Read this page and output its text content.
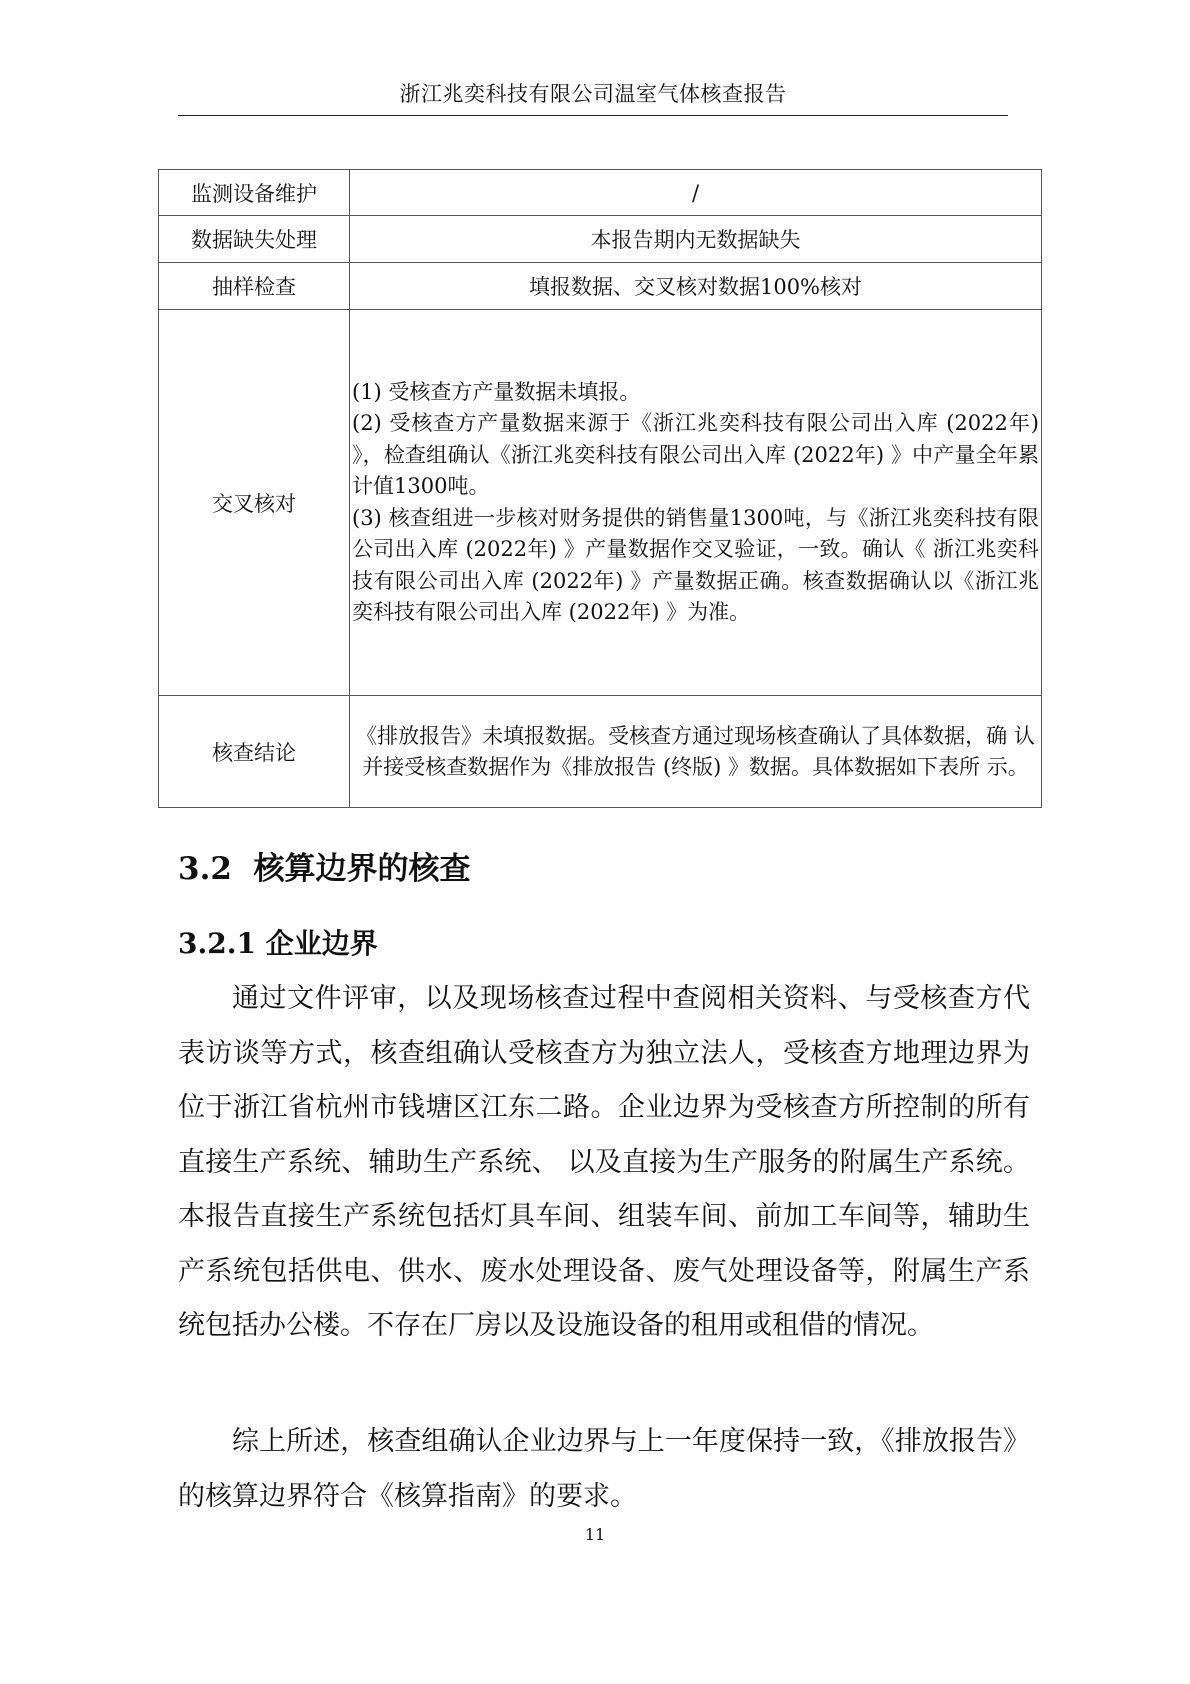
浙江兆奕科技有限公司温室气体核查报告
监测设备维护	/
数据缺失处理	本报告期内无数据缺失
抽样检查	填报数据、交叉核对数据100%核对
交叉核对	(1) 受核查方产量数据未填报。

(2) 受核查方产量数据来源于《浙江兆奕科技有限公司出入库 (2022年) 》，检查组确认《浙江兆奕科技有限公司出入库 (2022年) 》中产量全年累计值1300吨。

(3) 核查组进一步核对财务提供的销售量1300吨，与《浙江兆奕科技有限公司出入库 (2022年) 》产量数据作交叉验证，一致。确认《 浙江兆奕科技有限公司出入库 (2022年) 》产量数据正确。核查数据确认以《浙江兆奕科技有限公司出入库 (2022年) 》为准。

核查结论	《排放报告》未填报数据。受核查方通过现场核查确认了具体数据，确 认并接受核查数据作为《排放报告 (终版) 》数据。具体数据如下表所 示。
3.2 核算边界的核查
3.2.1 企业边界

通过文件评审，以及现场核查过程中查阅相关资料、与受核查方代 表访谈等方式，核查组确认受核查方为独立法人，受核查方地理边界为 位于浙江省杭州市钱塘区江东二路。企业边界为受核查方所控制的所有直接生产系统、辅助生产系统、 以及直接为生产服务的附属生产系统。本报告直接生产系统包括灯具车间、组装车间、前加工车间等，辅助生产系统包括供电、供水、废水处理设备、废气处理设备等，附属生产系统包括办公楼。不存在厂房以及设施设备的租用或租借的情况。

综上所述，核查组确认企业边界与上一年度保持一致，《排放报告》的核算边界符合《核算指南》的要求。

11
